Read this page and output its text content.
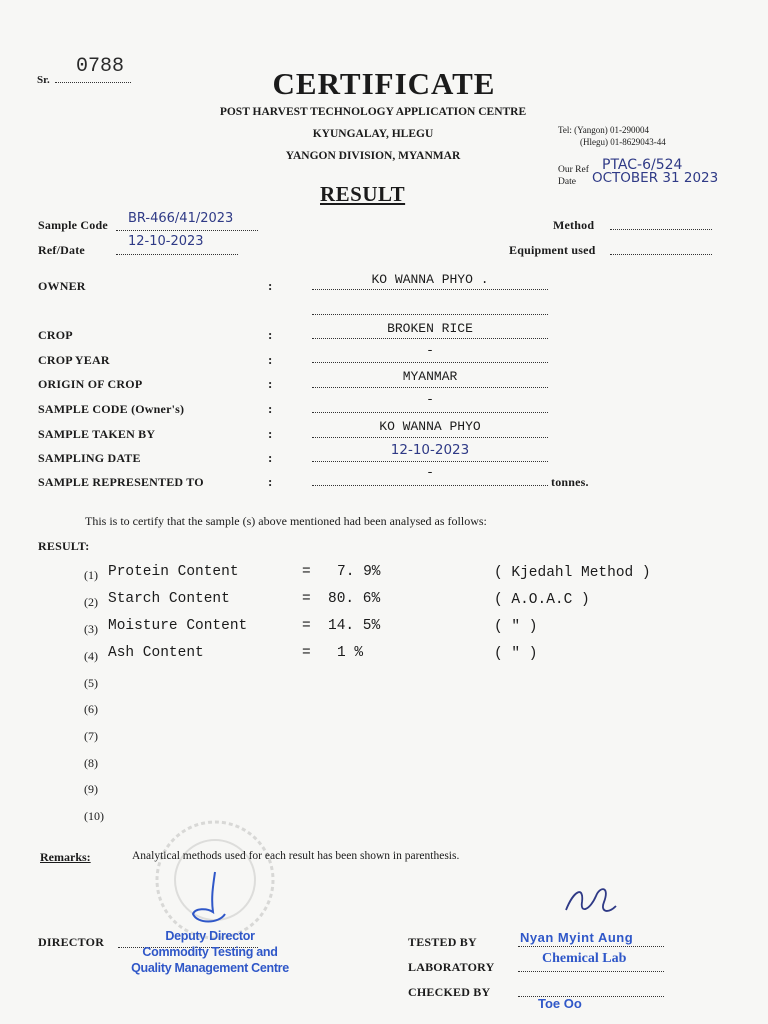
Sr.
0788	CERTIFICATE
POST HARVEST TECHNOLOGY APPLICATION CENTRE
KYUNGALAY, HLEGU
YANGON DIVISION, MYANMAR
Tel: (Yangon) 01-290004
(Hlegu) 01-8629043-44
Our Ref PTAC-6/524
Date OCTOBER 31 2023
RESULT
Sample Code BR-466/41/2023
Ref/Date
12-10-2023
Method
Equipment used
OWNER	:	KO WANNA PHYO .
CROP	:	BROKEN RICE
CROP YEAR	:
-
ORIGIN OF CROP	:	MYANMAR
SAMPLE CODE (Owner's)	:
-
SAMPLE TAKEN BY	:	KO WANNA PHYO
SAMPLING DATE	:	12-10-2023
SAMPLE REPRESENTED TO	:
-
tonnes.
This is to certify that the sample (s) above mentioned had been analysed as follows:
RESULT:
(1) Protein Content	= 7. 9%	( Kjedahl Method )
(2) Starch Content	= 80. 6%	( A.O.A.C )
(3) Moisture Content	= 14. 5%	( " )
(4) Ash Content	= 1 %	( " )
(5)
(6)
(7)
(8)
(9)
(10)
Remarks:	Analytical methods used for each result has been shown in parenthesis.
DIRECTOR	Deputy Director
Commodity Testing and
Quality Management Centre
TESTED BY	Nyan Myint Aung
LABORATORY
Chemical Lab
CHECKED BY
Toe Oo
